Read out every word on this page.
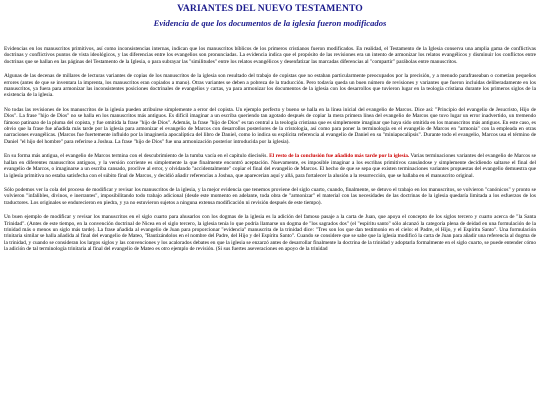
VARIANTES DEL NUEVO TESTAMENTO
Evidencia de que los documentos de la iglesia fueron modificados

Evidencias en los manuscritos primitivos, así como inconsistencias internas, indican que los manuscritos bíblicos de los primeros cristianos fueron modificados. En realidad, el Testamento de la Iglesia conserva una amplia gama de conflictivas doctrinas y conflictivos puntos de vista ideológicos, y las diferencias entre los evangelios son pronunciadas. La evidencia indica que el propósito de las revisiones era un intento de armonizar los relatos evangélicos y disminuir los conflictos entre doctrinas que se hallan en las páginas del Testamento de la Iglesia, o para subrayar las "similitudes" entre los relatos evangélicos y desenfatizar las marcadas diferencias al "compartir" parábolas entre manuscritos.

Algunas de las decenas de millares de lecturas variantes de copias de los manuscritos de la iglesia son resultado del trabajo de copistas que no estaban particularmente preocupados por la precisión, y a menudo parafraseaban o cometían pequeños errores (antes de que se inventara la imprenta, los manuscritos eran copiados a mano). Otras variantes se deben a pobreza de la traducción. Pero todavía queda un buen número de revisiones y variantes que fueron incluidas deliberadamente en los manuscritos, ya fuera para armonizar las inconsistentes posiciones doctrinales de evangelios y cartas, ya para armonizar los documentos de la iglesia con los desarrollos que tuvieron lugar en la teología cristiana durante los primeros siglos de la existencia de la iglesia.

No todas las revisiones de los manuscritos de la iglesia pueden atribuirse simplemente a error del copista. Un ejemplo perfecto y bueno se halla en la línea inicial del evangelio de Marcos. Dice así: "Principio del evangelio de Jesucristo, Hijo de Dios". La frase "hijo de Dios" no se halla en los manuscritos más antiguos. Es difícil imaginar a un escriba queriendo tan agotado después de copiar la mera primera línea del evangelio de Marcos que tuvo lugar un error inadvertido, un tremendo fámoso patinazo de la pluma del copista, y fue omitida la frase "hijo de Dios". Además, la frase "hijo de Dios" es tan central a la teología cristiana que es simplemente imaginar que haya sido omitida en los manuscritos más antiguos. En este caso, es obvio que la frase fue añadida más tarde por la iglesia para armonizar el evangelio de Marcos con desarrollos posteriores de la cristología, así como para poner la terminología en el evangelio de Marcos en "armonía" con la empleada en otras narraciones evangélicas. (Marcos fue fuertemente influido por la imaginería apocalíptica del libro de Daniel, como lo indica su explícita referencia al evangelio de Daniel en su "miniapocalipsis". Durante todo el evangelio, Marcos usa el término de Daniel "el hijo del hombre" para referirse a Joshua. La frase "hijo de Dios" fue una armonización posterior introducida por la iglesia).

En su forma más antigua, el evangelio de Marcos termina con el descubrimiento de la tumba vacía en el capítulo dieciséis. El resto de la conclusión fue añadido más tarde por la iglesia. Varias terminaciones variantes del evangelio de Marcos se hallan en diferentes manuscritos antiguos, y la versión corriente es simplemente la que finalmente encontró aceptación. Nuevamente, es imposible imaginar a los escribas primitivos cansándose y simplemente decidiendo saltarse el final del evangelio de Marcos, o imaginarse a un escriba cansado, proclive al error, y olvidando "accidentalmente" copiar el final del evangelio de Marcos. El hecho de que se sepa que existen terminaciones variantes propuestas del evangelio demuestra que la iglesia primitiva no estaba satisfecha con el súbito final de Marcos, y decidió añadir referencias a Joshua, que aparecerían aquí y allá, para fortalecer la alusión a la resurrección, que se hallaba en el manuscrito original.

Sólo podemos ver la cola del proceso de modificar y revisar los manuscritos de la iglesia, y la mejor evidencia que tenemos proviene del siglo cuarto, cuando, finalmente, se detuvo el trabajo en los manuscritos, se volvieron "canónicos" y pronto se volvieron "infalibles, divinos, e inerrantes", imposibilitando todo trabajo adicional (desde este momento en adelante, toda obra de "armonizar" el material con las necesidades de las doctrinas de la iglesia quedaría limitada a los esfuerzos de los traductores. Los originales se endurecieron en piedra, y ya no estuvieron sujetos a ninguna extensa modificación ni revisión después de este tiempo).

Un buen ejemplo de modificar y revisar los manuscritos en el siglo cuarto para ahusarlos con los dogmas de la iglesia es la adición del famoso pasaje a la carta de Juan, que apoya el concepto de los siglos tercero y cuarto acerca de "la Santa Trinidad". (Antes de este tiempo, en la convención doctrinal de Nicea en el siglo tercero, la iglesia tenía lo que podría llamarse un dogma de "los sagrados dos" (el "espíritu santo" sólo alcanzó la categoría plena de deidad en una formulación de la trinidad más o menos un siglo más tarde). La frase añadida al evangelio de Juan para proporcionar "evidencia" manuscrita de la trinidad dice: "Tres son los que dan testimonio en el cielo: el Padre, el Hijo, y el Espíritu Santo". Una formulación trinitaria similar se halla añadida al final del evangelio de Mateo, "Bautizándolos en el nombre del Padre, del Hijo y del Espíritu Santo". Cuando se considere que se sabe que la iglesia modificó la carta de Juan para añadir una referencia al dogma de la trinidad, y cuando se consideran los largos siglos y las convenciones y los acalorados debates en que la iglesia se enzarzó antes de desarrollar finalmente la doctrina de la trinidad y adoptarla formalmente en el siglo cuarto, se puede entender cómo la adición de tal terminología trinitaria al final del evangelio de Mateo es otro ejemplo de revisión. (Si sus fuertes aseveraciones en apoyo de la trinidad
